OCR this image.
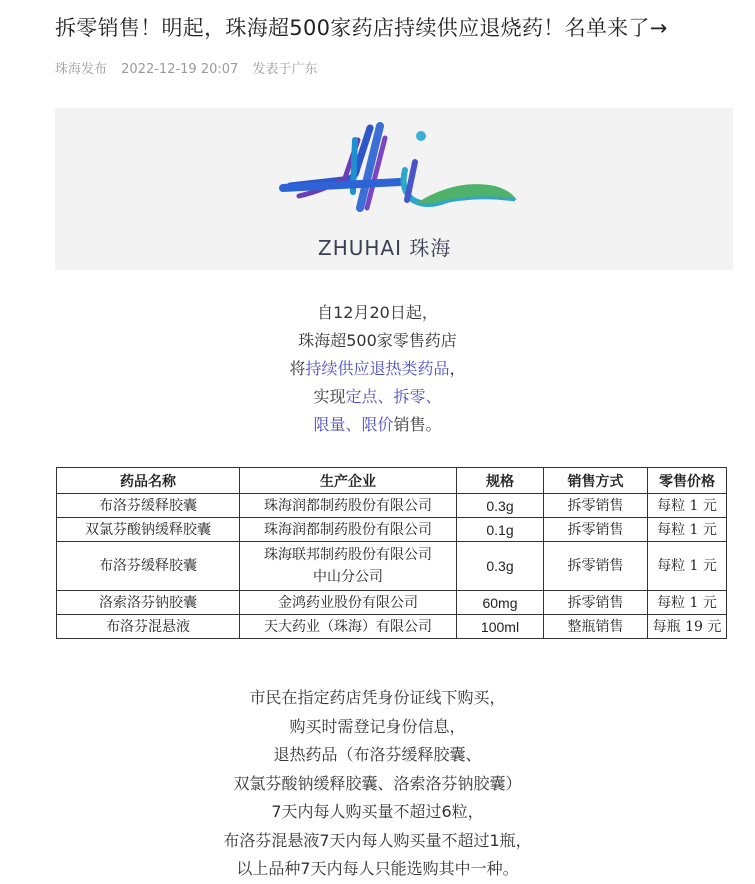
拆零销售！明起，珠海超500家药店持续供应退烧药！名单来了→
珠海发布 2022-12-19 20:07 发表于广东
ZHUHAI 珠海

自12月20日起，

珠海超500家零售药店

将持续供应退热类药品，

实现定点、拆零、

限量、限价销售。

药品名称	生产企业	规格	销售方式	零售价格
布洛芬缓释胶囊	珠海润都制药股份有限公司	0.3g	拆零销售	每粒 1 元
双氯芬酸钠缓释胶囊	珠海润都制药股份有限公司	0.1g	拆零销售	每粒 1 元
布洛芬缓释胶囊	珠海联邦制药股份有限公司
中山分公司	0.3g	拆零销售	每粒 1 元
洛索洛芬钠胶囊	金鸿药业股份有限公司	60mg	拆零销售	每粒 1 元
布洛芬混悬液	天大药业（珠海）有限公司	100ml	整瓶销售	每瓶 19 元

市民在指定药店凭身份证线下购买，

购买时需登记身份信息，

退热药品（布洛芬缓释胶囊、

双氯芬酸钠缓释胶囊、洛索洛芬钠胶囊）

7天内每人购买量不超过6粒，

布洛芬混悬液7天内每人购买量不超过1瓶，

以上品种7天内每人只能选购其中一种。
